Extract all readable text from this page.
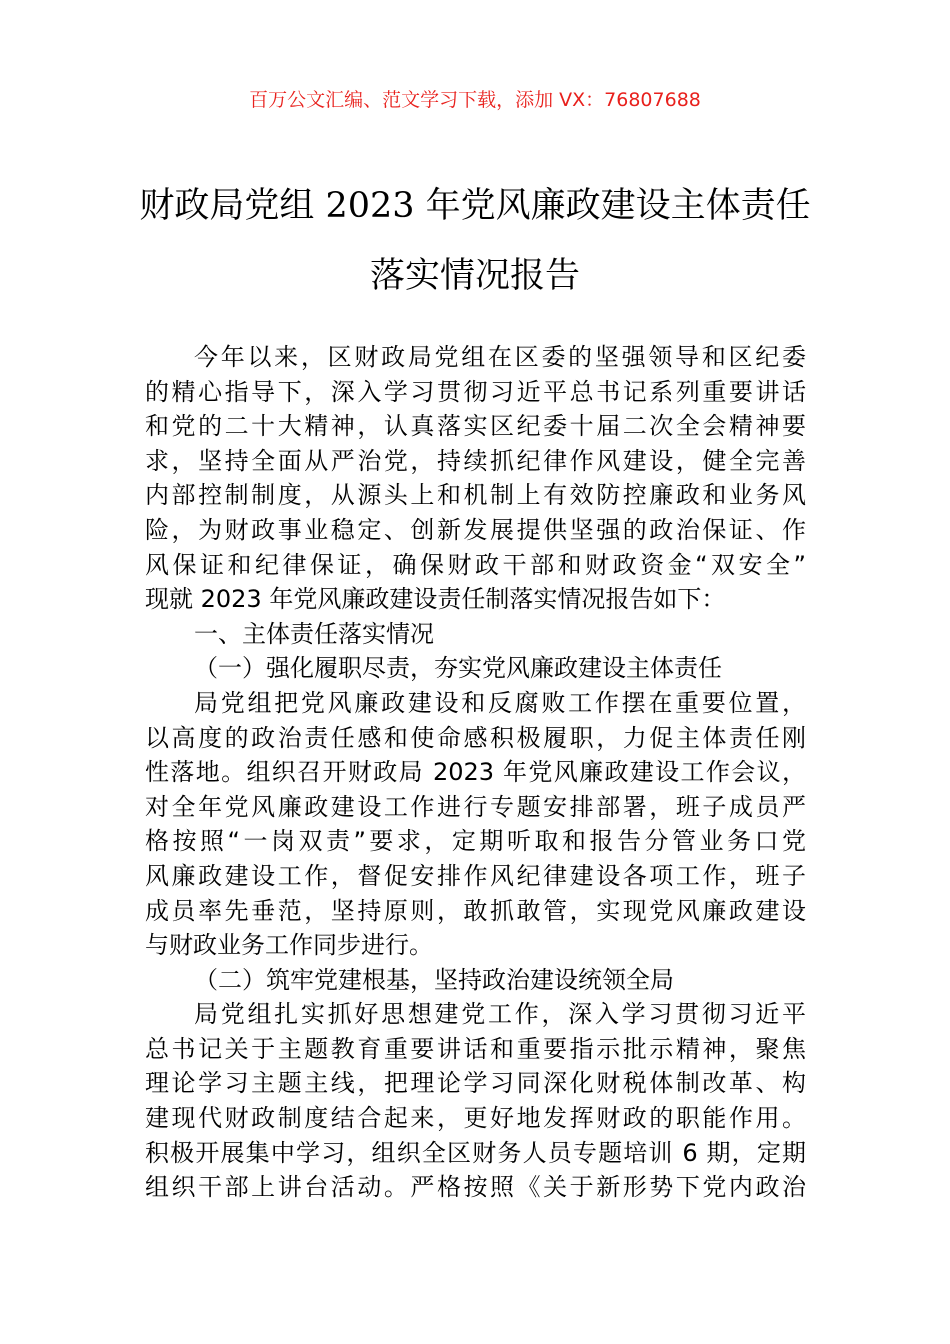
百万公文汇编、范文学习下载，添加 VX：76807688
财政局党组 2023 年党风廉政建设主体责任
落实情况报告
今年以来，区财政局党组在区委的坚强领导和区纪委
的精心指导下，深入学习贯彻习近平总书记系列重要讲话
和党的二十大精神，认真落实区纪委十届二次全会精神要
求，坚持全面从严治党，持续抓纪律作风建设，健全完善
内部控制制度，从源头上和机制上有效防控廉政和业务风
险，为财政事业稳定、创新发展提供坚强的政治保证、作
风保证和纪律保证，确保财政干部和财政资金“双安全”
现就 2023 年党风廉政建设责任制落实情况报告如下：
一、主体责任落实情况
（一）强化履职尽责，夯实党风廉政建设主体责任
局党组把党风廉政建设和反腐败工作摆在重要位置，
以高度的政治责任感和使命感积极履职，力促主体责任刚
性落地。组织召开财政局 2023 年党风廉政建设工作会议，
对全年党风廉政建设工作进行专题安排部署，班子成员严
格按照“一岗双责”要求，定期听取和报告分管业务口党
风廉政建设工作，督促安排作风纪律建设各项工作，班子
成员率先垂范，坚持原则，敢抓敢管，实现党风廉政建设
与财政业务工作同步进行。
（二）筑牢党建根基，坚持政治建设统领全局
局党组扎实抓好思想建党工作，深入学习贯彻习近平
总书记关于主题教育重要讲话和重要指示批示精神，聚焦
理论学习主题主线，把理论学习同深化财税体制改革、构
建现代财政制度结合起来，更好地发挥财政的职能作用。
积极开展集中学习，组织全区财务人员专题培训 6 期，定期
组织干部上讲台活动。严格按照《关于新形势下党内政治
